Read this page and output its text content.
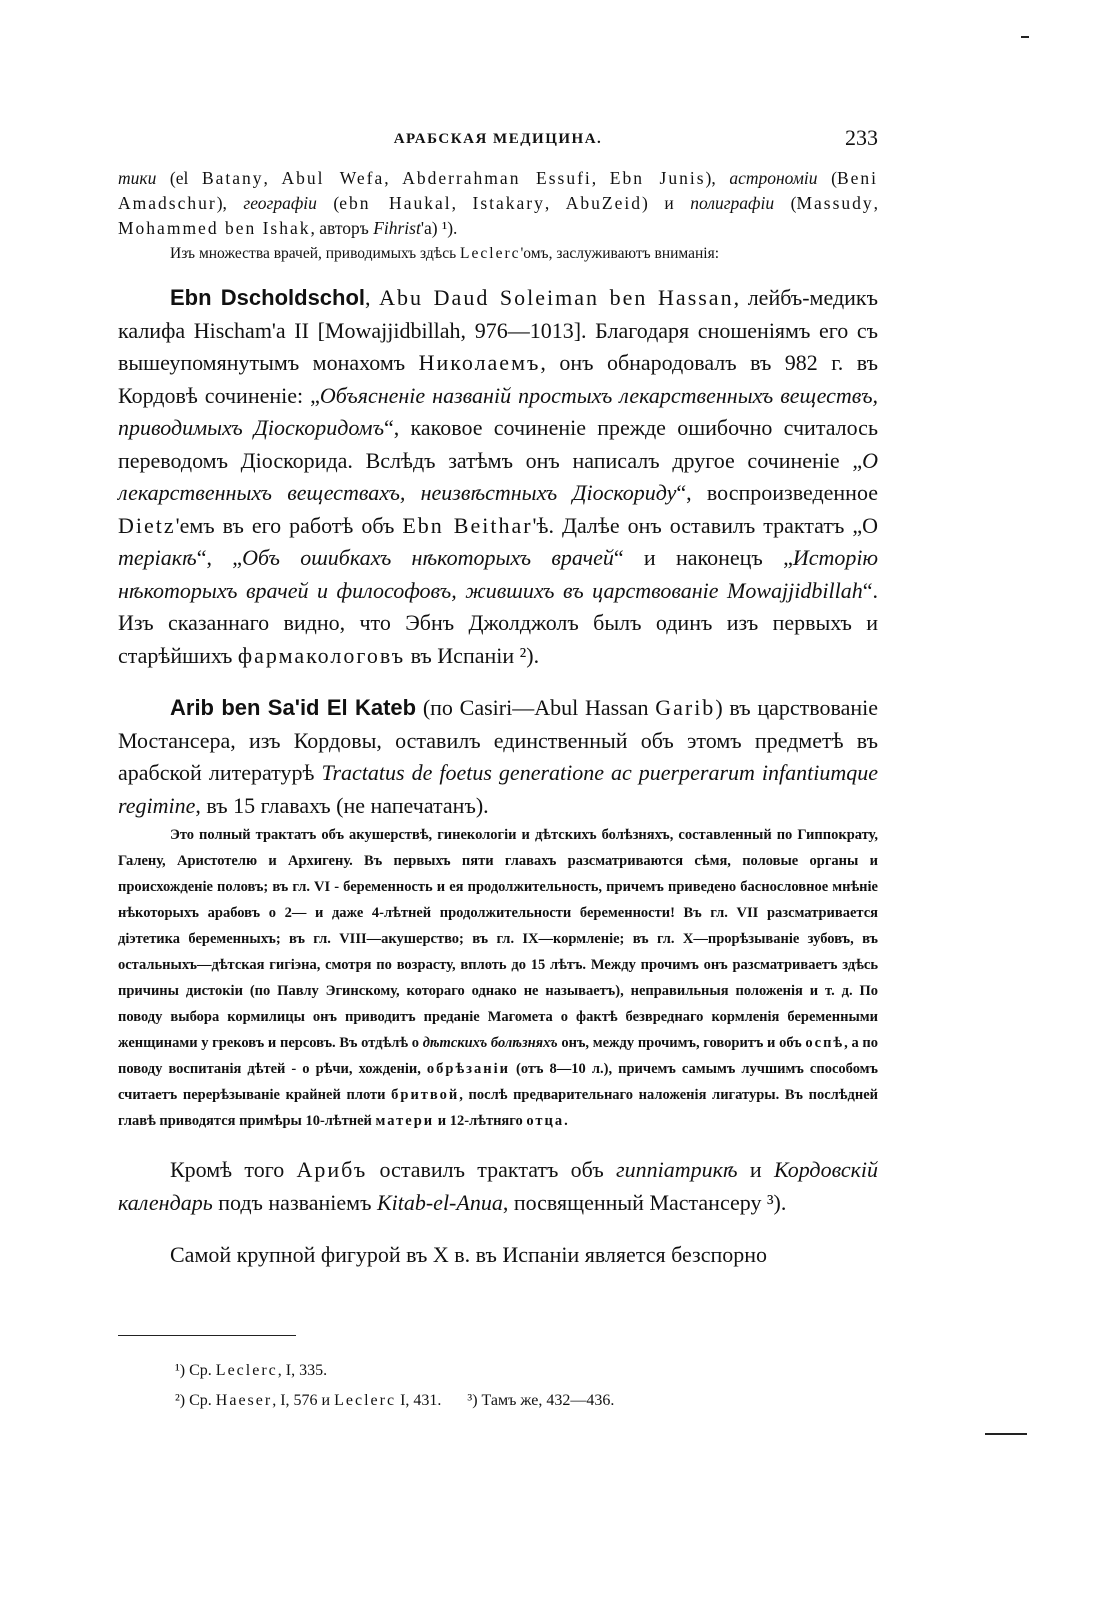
АРАБСКАЯ МЕДИЦИНА.	233

тики (el Batany, Abul Wefa, Abderrahman Essufi, Ebn Junis), астрономіи (Beni Amadschur), географіи (ebn Haukal, Istakary, AbuZeid) и полиграфіи (Massudy, Mohammed ben Ishak, авторъ Fihrist'а) ¹).

Изъ множества врачей, приводимыхъ здѣсь Leclerc'омъ, заслуживаютъ вниманія:

Ebn Dscholdschol, Abu Daud Soleiman ben Hassan, лейбъ-медикъ калифа Hischam'a II [Mowajjidbillah, 976—1013]. Благодаря сношеніямъ его съ вышеупомянутымъ монахомъ Николаемъ, онъ обнародовалъ въ 982 г. въ Кордовѣ сочиненіе: „Объясненіе названій простыхъ лекарственныхъ веществъ, приводимыхъ Діоскоридомъ“, каковое сочиненіе прежде ошибочно считалось переводомъ Діоскорида. Вслѣдъ затѣмъ онъ написалъ другое сочиненіе „О лекарственныхъ веществахъ, неизвѣстныхъ Діоскориду“, воспроизведенное Dietz'емъ въ его работѣ объ Ebn Beithar'ѣ. Далѣе онъ оставилъ трактатъ „О теріакѣ“, „Объ ошибкахъ нѣкоторыхъ врачей“ и наконецъ „Исторію нѣкоторыхъ врачей и философовъ, жившихъ въ царствованіе Mowajjidbillah“. Изъ сказаннаго видно, что Эбнъ Джолджолъ былъ одинъ изъ первыхъ и старѣйшихъ фармакологовъ въ Испаніи ²).

Arib ben Sa'id El Kateb (по Casiri—Abul Hassan Garib) въ царствованіе Мостансера, изъ Кордовы, оставилъ единственный объ этомъ предметѣ въ арабской литературѣ Tractatus de foetus generatione ac puerperarum infantiumque regimine, въ 15 главахъ (не напечатанъ).

Это полный трактатъ объ акушерствѣ, гинекологіи и дѣтскихъ болѣзняхъ, составленный по Гиппократу, Галену, Аристотелю и Архигену. Въ первыхъ пяти главахъ разсматриваются сѣмя, половые органы и происхожденіе половъ; въ гл. VI - беременность и ея продолжительность, причемъ приведено баснословное мнѣніе нѣкоторыхъ арабовъ о 2— и даже 4-лѣтней продолжительности беременности! Въ гл. VII разсматривается діэтетика беременныхъ; въ гл. VIII—акушерство; въ гл. IX—кормленіе; въ гл. X—прорѣзываніе зубовъ, въ остальныхъ—дѣтская гигіэна, смотря по возрасту, вплоть до 15 лѣтъ. Между прочимъ онъ разсматриваетъ здѣсь причины дистокіи (по Павлу Эгинскому, котораго однако не называетъ), неправильныя положенія и т. д. По поводу выбора кормилицы онъ приводитъ преданіе Магомета о фактѣ безвреднаго кормленія беременными женщинами у грековъ и персовъ. Въ отдѣлѣ о дѣтскихъ болѣзняхъ онъ, между прочимъ, говоритъ и объ оспѣ, а по поводу воспитанія дѣтей - о рѣчи, хожденіи, обрѣзаніи (отъ 8—10 л.), причемъ самымъ лучшимъ способомъ считаетъ перерѣзываніе крайней плоти бритвой, послѣ предварительнаго наложенія лигатуры. Въ послѣдней главѣ приводятся примѣры 10-лѣтней матери и 12-лѣтняго отца.

Кромѣ того Арибъ оставилъ трактатъ объ гиппіатрикѣ и Кордовскій календарь подъ названіемъ Kitab-el-Anua, посвященный Мастансеру ³).

Самой крупной фигурой въ X в. въ Испаніи является безспорно

¹) Ср. Leclerc, I, 335.

²) Ср. Haeser, I, 576 и Leclerc I, 431. ³) Тамъ же, 432—436.
